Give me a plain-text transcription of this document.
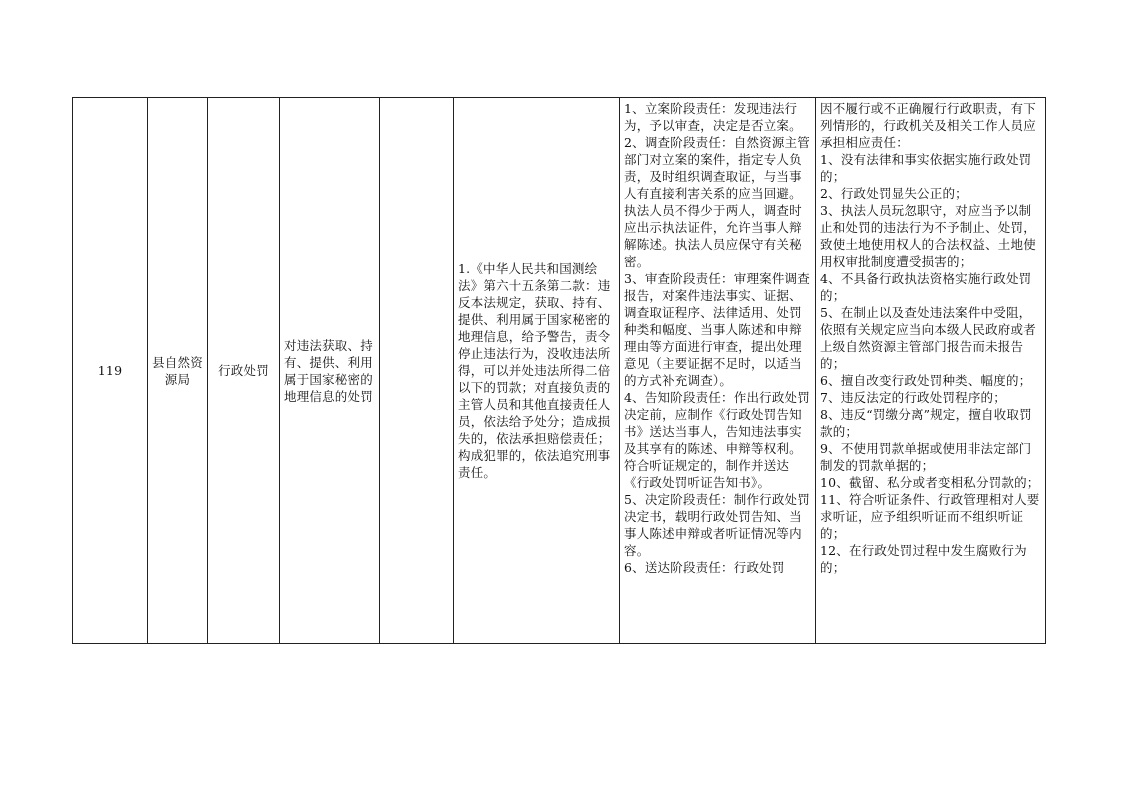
119
县自然资源局
行政处罚
对违法获取、持有、提供、利用属于国家秘密的地理信息的处罚
1.《中华人民共和国测绘法》第六十五条第二款：违反本法规定，获取、持有、提供、利用属于国家秘密的地理信息，给予警告，责令停止违法行为，没收违法所得，可以并处违法所得二倍以下的罚款；对直接负责的主管人员和其他直接责任人员，依法给予处分；造成损失的，依法承担赔偿责任；构成犯罪的，依法追究刑事责任。

1、立案阶段责任：发现违法行为，予以审查，决定是否立案。

2、调查阶段责任：自然资源主管部门对立案的案件，指定专人负责，及时组织调查取证，与当事人有直接利害关系的应当回避。执法人员不得少于两人，调查时应出示执法证件，允许当事人辩解陈述。执法人员应保守有关秘密。

3、审查阶段责任：审理案件调查报告，对案件违法事实、证据、调查取证程序、法律适用、处罚种类和幅度、当事人陈述和申辩理由等方面进行审查，提出处理意见（主要证据不足时，以适当的方式补充调查）。

4、告知阶段责任：作出行政处罚决定前，应制作《行政处罚告知书》送达当事人，告知违法事实及其享有的陈述、申辩等权利。符合听证规定的，制作并送达《行政处罚听证告知书》。

5、决定阶段责任：制作行政处罚决定书，载明行政处罚告知、当事人陈述申辩或者听证情况等内容。

6、送达阶段责任：行政处罚

因不履行或不正确履行行政职责，有下列情形的，行政机关及相关工作人员应承担相应责任：

1、没有法律和事实依据实施行政处罚的；

2、行政处罚显失公正的；

3、执法人员玩忽职守，对应当予以制止和处罚的违法行为不予制止、处罚，致使土地使用权人的合法权益、土地使用权审批制度遭受损害的；

4、不具备行政执法资格实施行政处罚的；

5、在制止以及查处违法案件中受阻，依照有关规定应当向本级人民政府或者上级自然资源主管部门报告而未报告的；

6、擅自改变行政处罚种类、幅度的；

7、违反法定的行政处罚程序的；

8、违反“罚缴分离”规定，擅自收取罚款的；

9、不使用罚款单据或使用非法定部门制发的罚款单据的；

10、截留、私分或者变相私分罚款的；

11、符合听证条件、行政管理相对人要求听证，应予组织听证而不组织听证的；

12、在行政处罚过程中发生腐败行为的；
